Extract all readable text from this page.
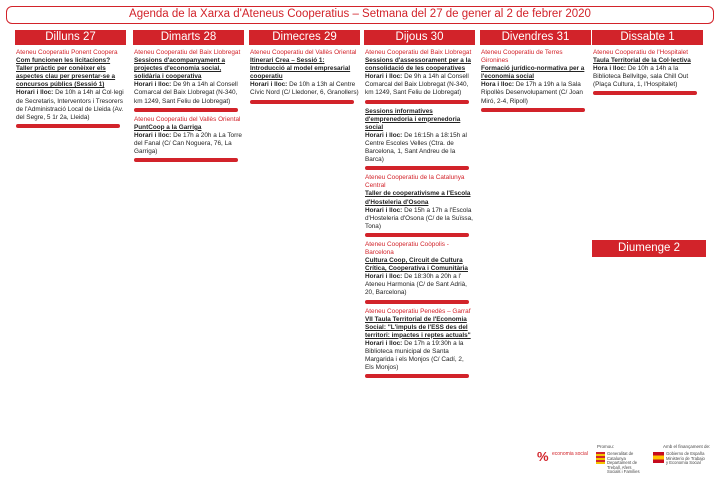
Agenda de la Xarxa d'Ateneus Cooperatius – Setmana del 27 de gener al 2 de febrer 2020
Dilluns 27
Ateneu Cooperatiu Ponent Coopera
Com funcionen les licitacions? Taller pràctic per conèixer els aspectes clau per presentar-se a concursos públics (Sessió 1)
Horari i lloc: De 10h a 14h al Col·legi de Secretaris, Interventors i Tresorers de l'Administració Local de Lleida (Av. del Segre, 5 1r 2a, Lleida)
Dimarts 28
Ateneu Cooperatiu del Baix Llobregat
Sessions d'acompanyament a projectes d'economia social, solidària i cooperativa
Horari i lloc: De 9h a 14h al Consell Comarcal del Baix Llobregat (N-340, km 1249, Sant Feliu de Llobregat)
Ateneu Cooperatiu del Vallès Oriental
PuntCoop a la Garriga
Horari i lloc: De 17h a 20h a La Torre del Fanal (C/ Can Noguera, 76, La Garriga)
Dimecres 29
Ateneu Cooperatiu del Vallès Oriental
Itinerari Crea – Sessió 1: Introducció al model empresarial cooperatiu
Horari i lloc: De 10h a 13h al Centre Cívic Nord (C/ Lledoner, 6, Granollers)
Dijous 30
Ateneu Cooperatiu del Baix Llobregat
Sessions d'assessorament per a la consolidació de les cooperatives
Horari i lloc: De 9h a 14h al Consell Comarcal del Baix Llobregat (N-340, km 1249, Sant Feliu de Llobregat)
Sessions informatives d'emprenedoria i emprenedoria social
Horari i lloc: De 16:15h a 18:15h al Centre Escoles Velles (Ctra. de Barcelona, 1, Sant Andreu de la Barca)
Ateneu Cooperatiu de la Catalunya Central
Taller de cooperativisme a l'Escola d'Hosteleria d'Osona
Horari i lloc: De 15h a 17h a l'Escola d'Hosteleria d'Osona (C/ de la Suïssa, Tona)
Ateneu Cooperatiu Coòpolis - Barcelona
Cultura Coop, Circuit de Cultura Crítica, Cooperativa i Comunitària
Horari i lloc: De 18:30h a 20h a l' Ateneu Harmonia (C/ de Sant Adrià, 20, Barcelona)
Ateneu Cooperatiu Penedès – Garraf
VII Taula Territorial de l'Economia Social: "L'impuls de l'ESS des del territori: impactes i reptes actuals"
Horari i lloc: De 17h a 19:30h a la Biblioteca municipal de Santa Margarida i els Monjos (C/ Cadí, 2, Els Monjos)
Divendres 31
Ateneu Cooperatiu de Terres Gironines
Formació jurídico-normativa per a l'economia social
Hora i lloc: De 17h a 19h a la Sala Ripollès Desenvolupament (C/ Joan Miró, 2-4, Ripoll)
Dissabte 1
Ateneu Cooperatiu de l'Hospitalet
Taula Territorial de la Col·lectiva
Hora i lloc: De 10h a 14h a la Biblioteca Bellvitge, sala Chill Out (Plaça Cultura, 1, l'Hospitalet)
Diumenge 2
Promou:	Amb el finançament de:
% economia social	Generalitat de Catalunya Departament de Treball, Afers Socials i Famílies
Gobierno de España Ministerio de Trabajo y Economía Social
